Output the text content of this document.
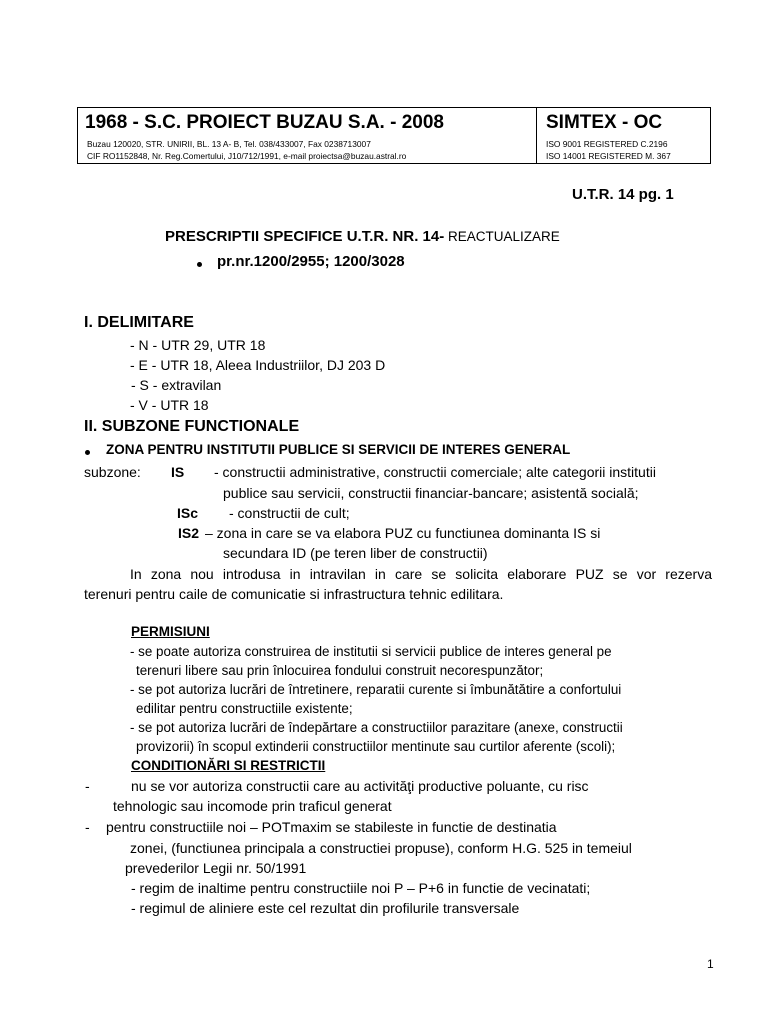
1968 - S.C. PROIECT BUZAU S.A. - 2008
Buzau 120020, STR. UNIRII, BL. 13 A- B, Tel. 038/433007, Fax 0238713007
CIF RO1152848, Nr. Reg.Comertului, J10/712/1991, e-mail proiectsa@buzau.astral.ro
SIMTEX - OC
ISO 9001 REGISTERED C.2196
ISO 14001 REGISTERED M. 367
U.T.R. 14 pg. 1
PRESCRIPTII SPECIFICE U.T.R. NR. 14- REACTUALIZARE
pr.nr.1200/2955; 1200/3028
I. DELIMITARE
- N - UTR 29, UTR 18
- E - UTR 18, Aleea Industriilor, DJ 203 D
- S - extravilan
- V - UTR 18
II. SUBZONE FUNCTIONALE
ZONA PENTRU INSTITUTII PUBLICE SI SERVICII DE INTERES GENERAL
subzone: IS - constructii administrative, constructii comerciale; alte categorii institutii
publice sau servicii, constructii financiar-bancare; asistentă socială;
ISc - constructii de cult;
IS2 – zona in care se va elabora PUZ cu functiunea dominanta IS si
secundara ID (pe teren liber de constructii)
In zona nou introdusa in intravilan in care se solicita elaborare PUZ se vor rezerva
terenuri pentru caile de comunicatie si infrastructura tehnic edilitara.
PERMISIUNI
- se poate autoriza construirea de institutii si servicii publice de interes general pe
terenuri libere sau prin înlocuirea fondului construit necorespunzător;
- se pot autoriza lucrări de întretinere, reparatii curente si îmbunătătire a confortului
edilitar pentru constructiile existente;
- se pot autoriza lucrări de îndepărtare a constructiilor parazitare (anexe, constructii
provizorii) în scopul extinderii constructiilor mentinute sau curtilor aferente (scoli);
CONDITIONĂRI SI RESTRICTII
-	nu se vor autoriza constructii care au activităţi productive poluante, cu risc
tehnologic sau incomode prin traficul generat
- pentru constructiile noi – POTmaxim se stabileste in functie de destinatia
zonei, (functiunea principala a constructiei propuse), conform H.G. 525 in temeiul
prevederilor Legii nr. 50/1991
- regim de inaltime pentru constructiile noi P – P+6 in functie de vecinatati;
- regimul de aliniere este cel rezultat din profilurile transversale
1
